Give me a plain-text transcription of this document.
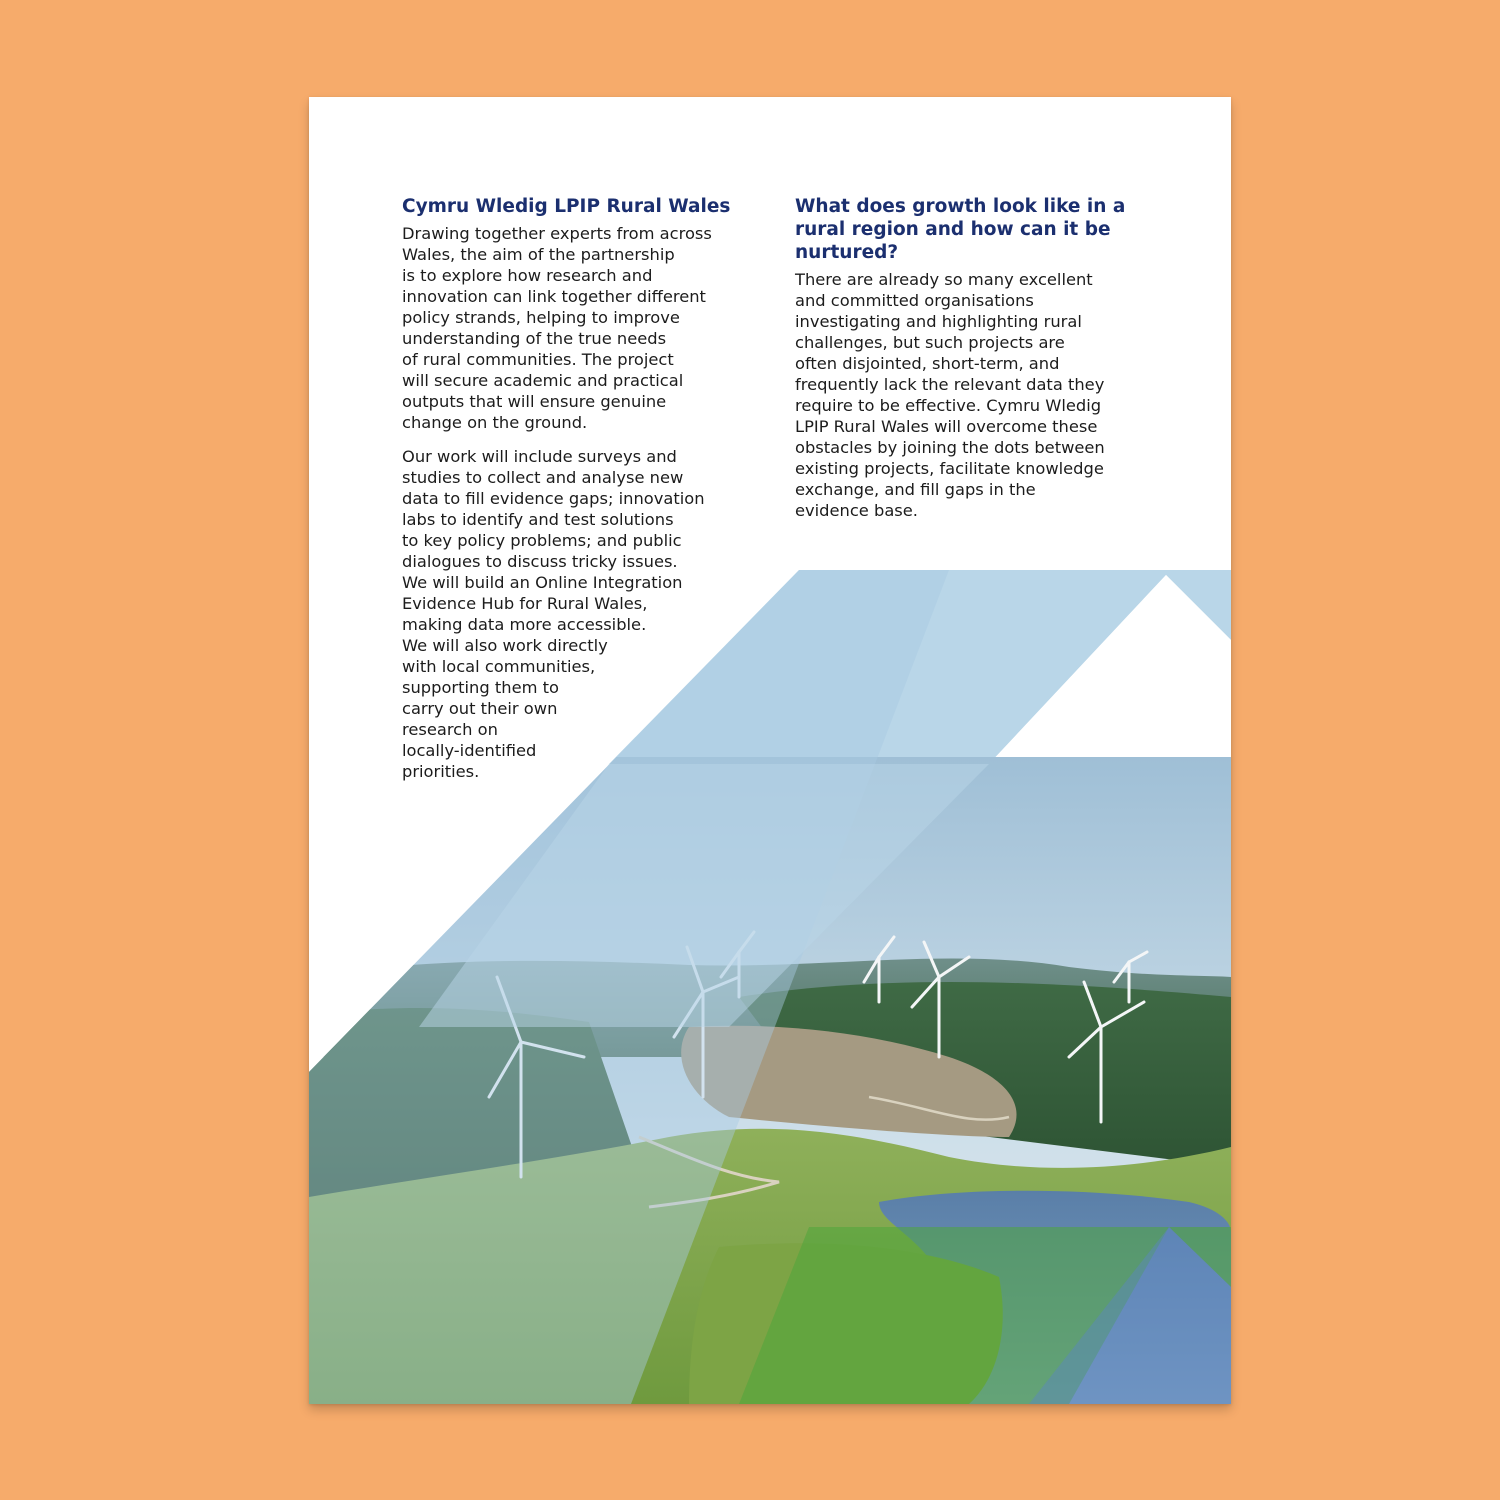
Cymru Wledig LPIP Rural Wales

Drawing together experts from across
Wales, the aim of the partnership
is to explore how research and
innovation can link together different
policy strands, helping to improve
understanding of the true needs
of rural communities. The project
will secure academic and practical
outputs that will ensure genuine
change on the ground.

Our work will include surveys and
studies to collect and analyse new
data to fill evidence gaps; innovation
labs to identify and test solutions
to key policy problems; and public
dialogues to discuss tricky issues.
We will build an Online Integration
Evidence Hub for Rural Wales,
making data more accessible.
We will also work directly
with local communities,
supporting them to
carry out their own
research on
locally-identified
priorities.

What does growth look like in a
rural region and how can it be
nurtured?

There are already so many excellent
and committed organisations
investigating and highlighting rural
challenges, but such projects are
often disjointed, short-term, and
frequently lack the relevant data they
require to be effective. Cymru Wledig
LPIP Rural Wales will overcome these
obstacles by joining the dots between
existing projects, facilitate knowledge
exchange, and fill gaps in the
evidence base.
